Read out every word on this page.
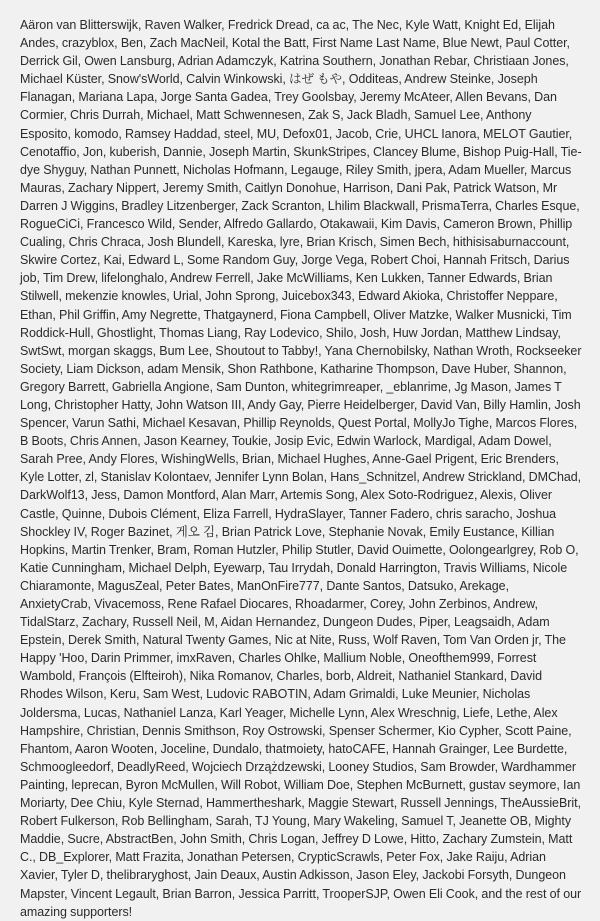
Aäron van Blitterswijk, Raven Walker, Fredrick Dread, ca ac, The Nec, Kyle Watt, Knight Ed, Elijah Andes, crazyblox, Ben, Zach MacNeil, Kotal the Batt, First Name Last Name, Blue Newt, Paul Cotter, Derrick Gil, Owen Lansburg, Adrian Adamczyk, Katrina Southern, Jonathan Rebar, Christiaan Jones, Michael Küster, Snow'sWorld, Calvin Winkowski, はぜ もや, Odditeas, Andrew Steinke, Joseph Flanagan, Mariana Lapa, Jorge Santa Gadea, Trey Goolsbay, Jeremy McAteer, Allen Bevans, Dan Cormier, Chris Durrah, Michael, Matt Schwennesen, Zak S, Jack Bladh, Samuel Lee, Anthony Esposito, komodo, Ramsey Haddad, steel, MU, Defox01, Jacob, Crie, UHCL Ianora, MELOT Gautier, Cenotaffio, Jon, kuberish, Dannie, Joseph Martin, SkunkStripes, Clancey Blume, Bishop Puig-Hall, Tie-dye Shyguy, Nathan Punnett, Nicholas Hofmann, Legauge, Riley Smith, jpera, Adam Mueller, Marcus Mauras, Zachary Nippert, Jeremy Smith, Caitlyn Donohue, Harrison, Dani Pak, Patrick Watson, Mr Darren J Wiggins, Bradley Litzenberger, Zack Scranton, Lhilim Blackwall, PrismaTerra, Charles Esque, RogueCiCi, Francesco Wild, Sender, Alfredo Gallardo, Otakawaii, Kim Davis, Cameron Brown, Phillip Cualing, Chris Chraca, Josh Blundell, Kareska, lyre, Brian Krisch, Simen Bech, hithisisaburnaccount, Skwire Cortez, Kai, Edward L, Some Random Guy, Jorge Vega, Robert Choi, Hannah Fritsch, Darius job, Tim Drew, lifelonghalo, Andrew Ferrell, Jake McWilliams, Ken Lukken, Tanner Edwards, Brian Stilwell, mekenzie knowles, Urial, John Sprong, Juicebox343, Edward Akioka, Christoffer Neppare, Ethan, Phil Griffin, Amy Negrette, Thatgaynerd, Fiona Campbell, Oliver Matzke, Walker Musnicki, Tim Roddick-Hull, Ghostlight, Thomas Liang, Ray Lodevico, Shilo, Josh, Huw Jordan, Matthew Lindsay, SwtSwt, morgan skaggs, Bum Lee, Shoutout to Tabby!, Yana Chernobilsky, Nathan Wroth, Rockseeker Society, Liam Dickson, adam Mensik, Shon Rathbone, Katharine Thompson, Dave Huber, Shannon, Gregory Barrett, Gabriella Angione, Sam Dunton, whitegrimreaper, _eblanrime, Jg Mason, James T Long, Christopher Hatty, John Watson III, Andy Gay, Pierre Heidelberger, David Van, Billy Hamlin, Josh Spencer, Varun Sathi, Michael Kesavan, Phillip Reynolds, Quest Portal, MollyJo Tighe, Marcos Flores, B Boots, Chris Annen, Jason Kearney, Toukie, Josip Evic, Edwin Warlock, Mardigal, Adam Dowel, Sarah Pree, Andy Flores, WishingWells, Brian, Michael Hughes, Anne-Gael Prigent, Eric Brenders, Kyle Lotter, zl, Stanislav Kolontaev, Jennifer Lynn Bolan, Hans_Schnitzel, Andrew Strickland, DMChad, DarkWolf13, Jess, Damon Montford, Alan Marr, Artemis Song, Alex Soto-Rodriguez, Alexis, Oliver Castle, Quinne, Dubois Clément, Eliza Farrell, HydraSlayer, Tanner Fadero, chris saracho, Joshua Shockley IV, Roger Bazinet, 게오 김, Brian Patrick Love, Stephanie Novak, Emily Eustance, Killian Hopkins, Martin Trenker, Bram, Roman Hutzler, Philip Stutler, David Ouimette, Oolongearlgrey, Rob O, Katie Cunningham, Michael Delph, Eyewarp, Tau Irrydah, Donald Harrington, Travis Williams, Nicole Chiaramonte, MagusZeal, Peter Bates, ManOnFire777, Dante Santos, Datsuko, Arekage, AnxietyCrab, Vivacemoss, Rene Rafael Diocares, Rhoadarmer, Corey, John Zerbinos, Andrew, TidalStarz, Zachary, Russell Neil, M, Aidan Hernandez, Dungeon Dudes, Piper, Leagsaidh, Adam Epstein, Derek Smith, Natural Twenty Games, Nic at Nite, Russ, Wolf Raven, Tom Van Orden jr, The Happy 'Hoo, Darin Primmer, imxRaven, Charles Ohlke, Mallium Noble, Oneofthem999, Forrest Wambold, François (Elfteiroh), Nika Romanov, Charles, borb, Aldreit, Nathaniel Stankard, David Rhodes Wilson, Keru, Sam West, Ludovic RABOTIN, Adam Grimaldi, Luke Meunier, Nicholas Joldersma, Lucas, Nathaniel Lanza, Karl Yeager, Michelle Lynn, Alex Wreschnig, Liefe, Lethe, Alex Hampshire, Christian, Dennis Smithson, Roy Ostrowski, Spenser Schermer, Kio Cypher, Scott Paine, Fhantom, Aaron Wooten, Joceline, Dundalo, thatmoiety, hatoCAFE, Hannah Grainger, Lee Burdette, Schmoogleedorf, DeadlyReed, Wojciech Drzążdzewski, Looney Studios, Sam Browder, Wardhammer Painting, leprecan, Byron McMullen, Will Robot, William Doe, Stephen McBurnett, gustav seymore, Ian Moriarty, Dee Chiu, Kyle Sternad, Hammertheshark, Maggie Stewart, Russell Jennings, TheAussieBrit, Robert Fulkerson, Rob Bellingham, Sarah, TJ Young, Mary Wakeling, Samuel T, Jeanette OB, Mighty Maddie, Sucre, AbstractBen, John Smith, Chris Logan, Jeffrey D Lowe, Hitto, Zachary Zumstein, Matt C., DB_Explorer, Matt Frazita, Jonathan Petersen, CrypticScrawls, Peter Fox, Jake Raiju, Adrian Xavier, Tyler D, thelibraryghost, Jain Deaux, Austin Adkisson, Jason Eley, Jackobi Forsyth, Dungeon Mapster, Vincent Legault, Brian Barron, Jessica Parritt, TrooperSJP, Owen Eli Cook, and the rest of our amazing supporters!
